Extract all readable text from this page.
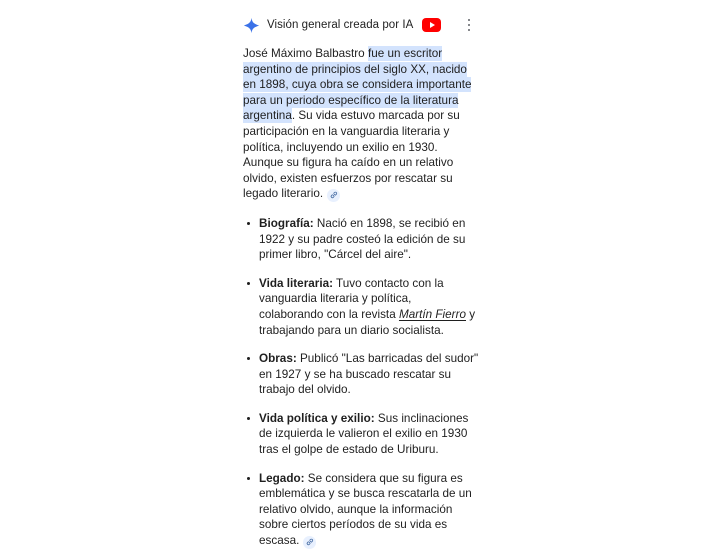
Visión general creada por IA

José Máximo Balbastro fue un escritor argentino de principios del siglo XX, nacido en 1898, cuya obra se considera importante para un periodo específico de la literatura argentina. Su vida estuvo marcada por su participación en la vanguardia literaria y política, incluyendo un exilio en 1930. Aunque su figura ha caído en un relativo olvido, existen esfuerzos por rescatar su legado literario.

Biografía: Nació en 1898, se recibió en 1922 y su padre costeó la edición de su primer libro, "Cárcel del aire".
Vida literaria: Tuvo contacto con la vanguardia literaria y política, colaborando con la revista Martín Fierro y trabajando para un diario socialista.
Obras: Publicó "Las barricadas del sudor" en 1927 y se ha buscado rescatar su trabajo del olvido.
Vida política y exilio: Sus inclinaciones de izquierda le valieron el exilio en 1930 tras el golpe de estado de Uriburu.
Legado: Se considera que su figura es emblemática y se busca rescatarla de un relativo olvido, aunque la información sobre ciertos períodos de su vida es escasa.
